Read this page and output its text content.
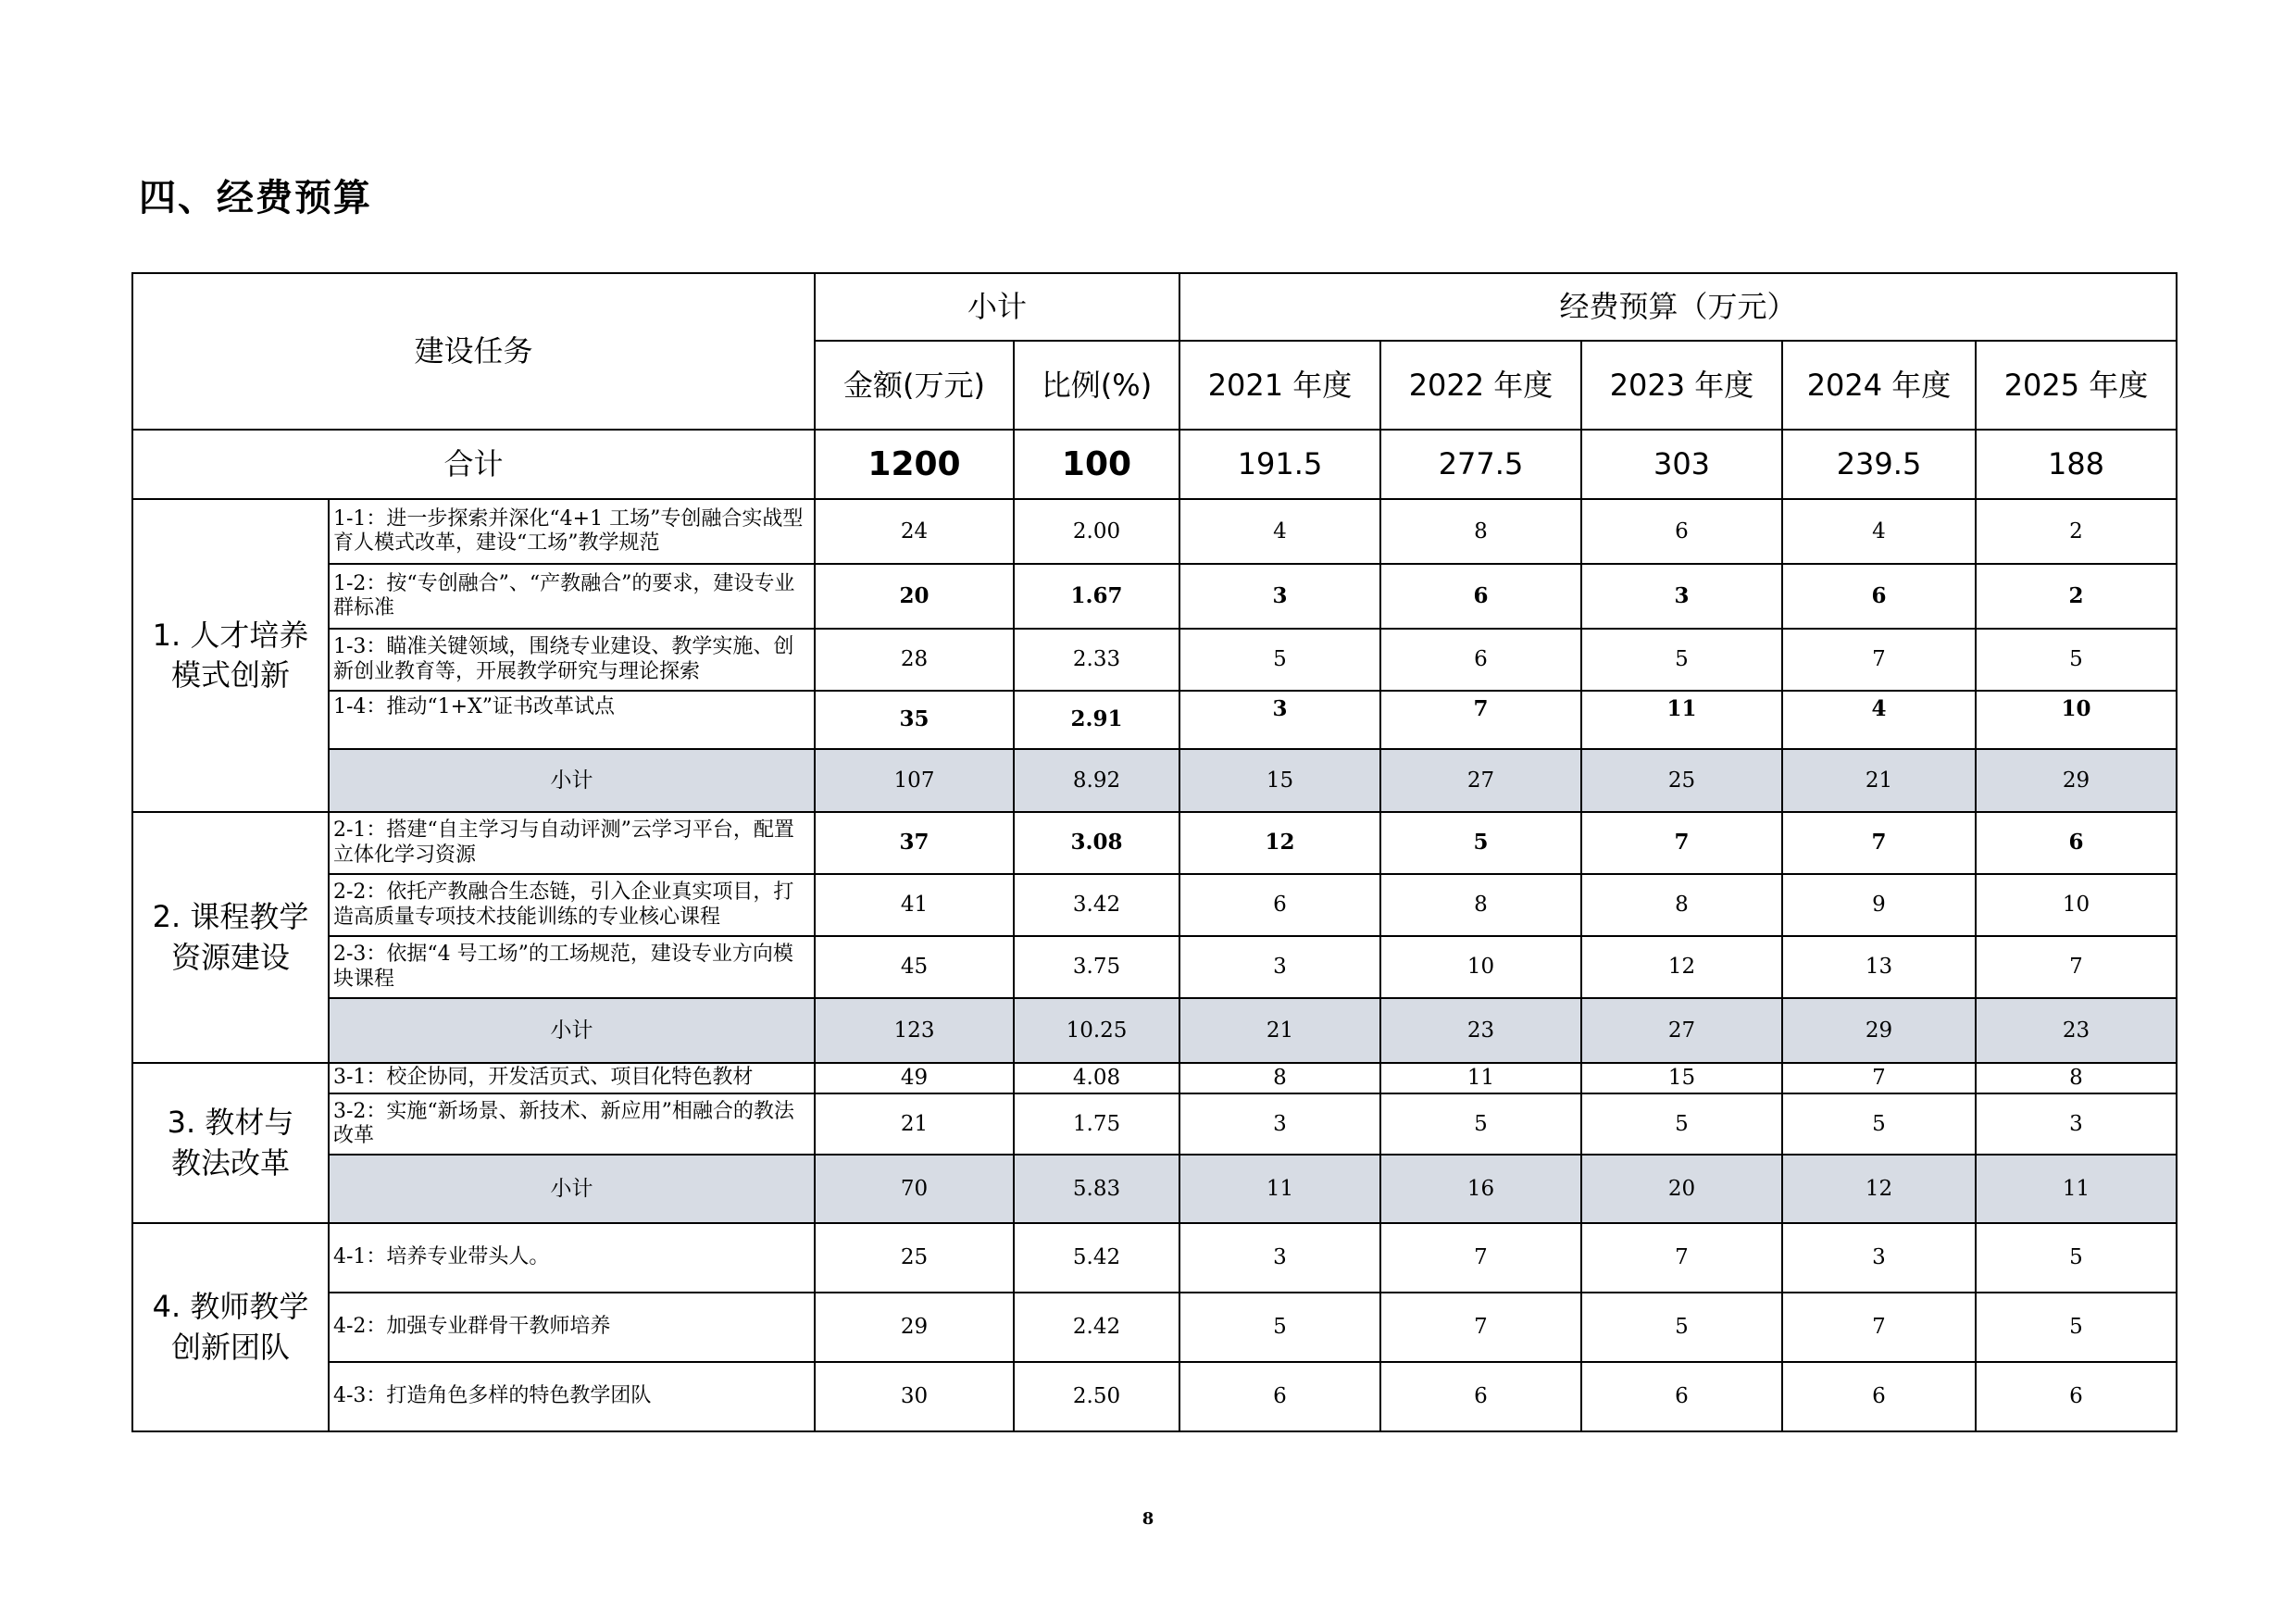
四、经费预算
建设任务		小计		经费预算（万元）				
		金额(万元)	比例(%)	2021 年度	2022 年度	2023 年度	2024 年度	2025 年度
合计		1200	100	191.5	277.5	303	239.5	188
1. 人才培养
模式创新	1-1：进一步探索并深化“4+1 工场”专创融合实战型育人模式改革，建设“工场”教学规范	24	2.00	4	8	6	4	2
	1-2：按“专创融合”、“产教融合”的要求，建设专业群标准	20	1.67	3	6	3	6	2
	1-3：瞄准关键领域，围绕专业建设、教学实施、创新创业教育等，开展教学研究与理论探索	28	2.33	5	6	5	7	5
	1-4：推动“1+X”证书改革试点	35	2.91	3	7	11	4	10
	小计	107	8.92	15	27	25	21	29
2. 课程教学
资源建设	2-1：搭建“自主学习与自动评测”云学习平台，配置立体化学习资源	37	3.08	12	5	7	7	6
	2-2：依托产教融合生态链，引入企业真实项目，打造高质量专项技术技能训练的专业核心课程	41	3.42	6	8	8	9	10
	2-3：依据“4 号工场”的工场规范，建设专业方向模块课程	45	3.75	3	10	12	13	7
	小计	123	10.25	21	23	27	29	23
3. 教材与
教法改革	3-1：校企协同，开发活页式、项目化特色教材	49	4.08	8	11	15	7	8
	3-2：实施“新场景、新技术、新应用”相融合的教法改革	21	1.75	3	5	5	5	3
	小计	70	5.83	11	16	20	12	11
4. 教师教学
创新团队	4-1：培养专业带头人。	25	5.42	3	7	7	3	5
	4-2：加强专业群骨干教师培养	29	2.42	5	7	5	7	5
	4-3：打造角色多样的特色教学团队	30	2.50	6	6	6	6	6

8
